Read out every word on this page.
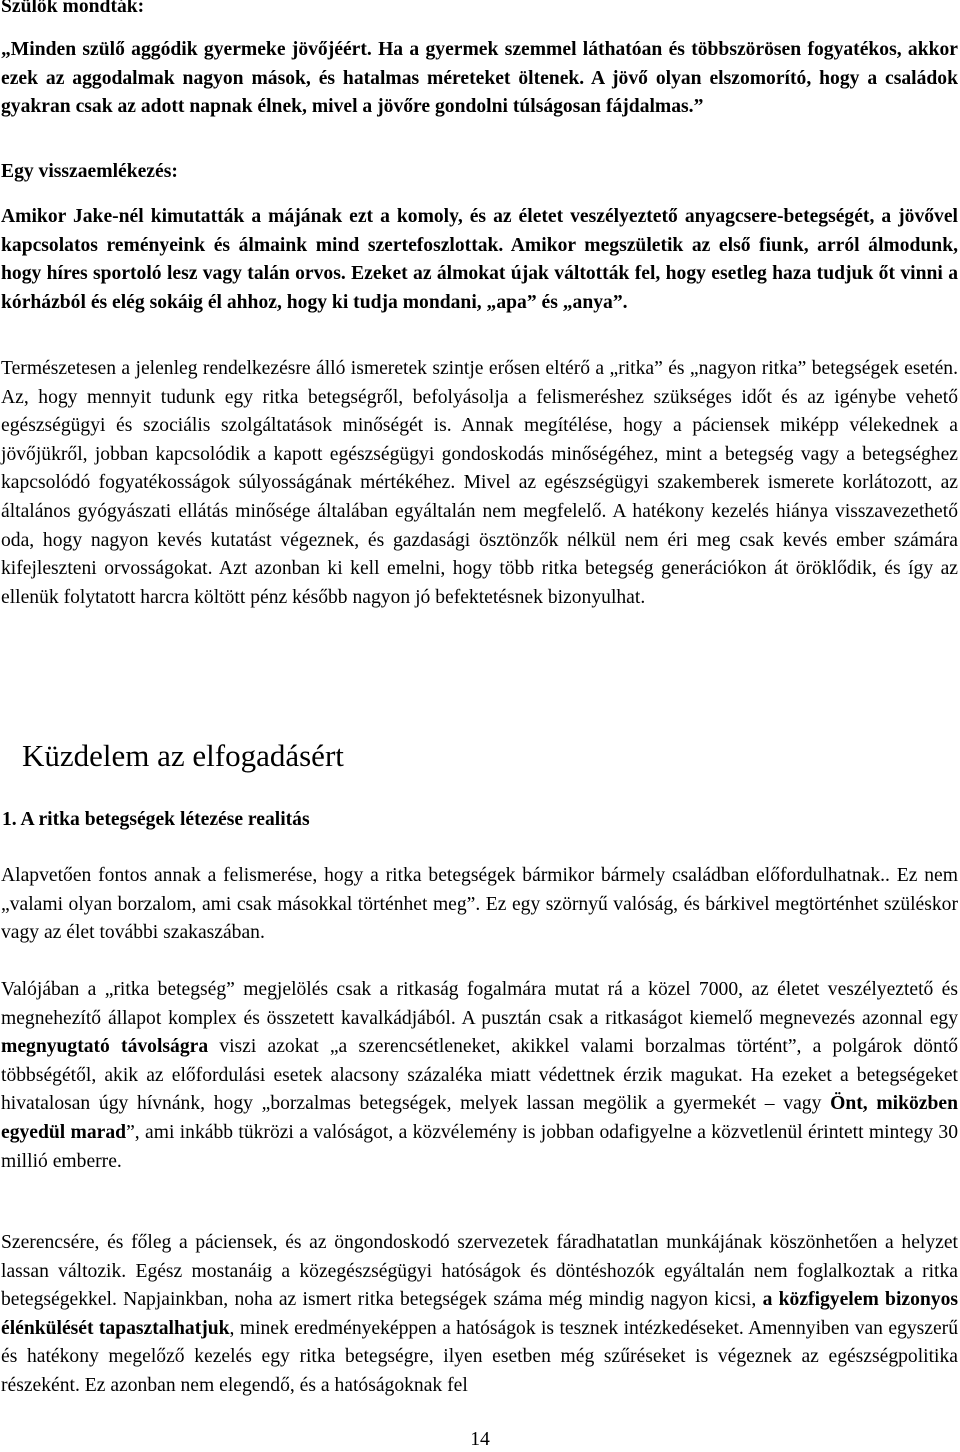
Szülők mondták:

„Minden szülő aggódik gyermeke jövőjéért. Ha a gyermek szemmel láthatóan és többszörösen fogyatékos, akkor ezek az aggodalmak nagyon mások, és hatalmas méreteket öltenek. A jövő olyan elszomorító, hogy a családok gyakran csak az adott napnak élnek, mivel a jövőre gondolni túlságosan fájdalmas.”

Egy visszaemlékezés:

Amikor Jake-nél kimutatták a májának ezt a komoly, és az életet veszélyeztető anyagcsere-betegségét, a jövővel kapcsolatos reményeink és álmaink mind szertefoszlottak. Amikor megszületik az első fiunk, arról álmodunk, hogy híres sportoló lesz vagy talán orvos. Ezeket az álmokat újak váltották fel, hogy esetleg haza tudjuk őt vinni a kórházból és elég sokáig él ahhoz, hogy ki tudja mondani, „apa” és „anya”.

Természetesen a jelenleg rendelkezésre álló ismeretek szintje erősen eltérő a „ritka” és „nagyon ritka” betegségek esetén. Az, hogy mennyit tudunk egy ritka betegségről, befolyásolja a felismeréshez szükséges időt és az igénybe vehető egészségügyi és szociális szolgáltatások minőségét is. Annak megítélése, hogy a páciensek miképp vélekednek a jövőjükről, jobban kapcsolódik a kapott egészségügyi gondoskodás minőségéhez, mint a betegség vagy a betegséghez kapcsolódó fogyatékosságok súlyosságának mértékéhez. Mivel az egészségügyi szakemberek ismerete korlátozott, az általános gyógyászati ellátás minősége általában egyáltalán nem megfelelő. A hatékony kezelés hiánya visszavezethető oda, hogy nagyon kevés kutatást végeznek, és gazdasági ösztönzők nélkül nem éri meg csak kevés ember számára kifejleszteni orvosságokat. Azt azonban ki kell emelni, hogy több ritka betegség generációkon át öröklődik, és így az ellenük folytatott harcra költött pénz később nagyon jó befektetésnek bizonyulhat.

Küzdelem az elfogadásért
1. A ritka betegségek létezése realitás

Alapvetően fontos annak a felismerése, hogy a ritka betegségek bármikor bármely családban előfordulhatnak.. Ez nem „valami olyan borzalom, ami csak másokkal történhet meg”. Ez egy szörnyű valóság, és bárkivel megtörténhet szüléskor vagy az élet további szakaszában.

Valójában a „ritka betegség” megjelölés csak a ritkaság fogalmára mutat rá a közel 7000, az életet veszélyeztető és megnehezítő állapot komplex és összetett kavalkádjából. A pusztán csak a ritkaságot kiemelő megnevezés azonnal egy megnyugtató távolságra viszi azokat „a szerencsétleneket, akikkel valami borzalmas történt”, a polgárok döntő többségétől, akik az előfordulási esetek alacsony százaléka miatt védettnek érzik magukat. Ha ezeket a betegségeket hivatalosan úgy hívnánk, hogy „borzalmas betegségek, melyek lassan megölik a gyermekét – vagy Önt, miközben egyedül marad”, ami inkább tükrözi a valóságot, a közvélemény is jobban odafigyelne a közvetlenül érintett mintegy 30 millió emberre.

Szerencsére, és főleg a páciensek, és az öngondoskodó szervezetek fáradhatatlan munkájának köszönhetően a helyzet lassan változik. Egész mostanáig a közegészségügyi hatóságok és döntéshozók egyáltalán nem foglalkoztak a ritka betegségekkel. Napjainkban, noha az ismert ritka betegségek száma még mindig nagyon kicsi, a közfigyelem bizonyos élénkülését tapasztalhatjuk, minek eredményeképpen a hatóságok is tesznek intézkedéseket. Amennyiben van egyszerű és hatékony megelőző kezelés egy ritka betegségre, ilyen esetben még szűréseket is végeznek az egészségpolitika részeként. Ez azonban nem elegendő, és a hatóságoknak fel

14
